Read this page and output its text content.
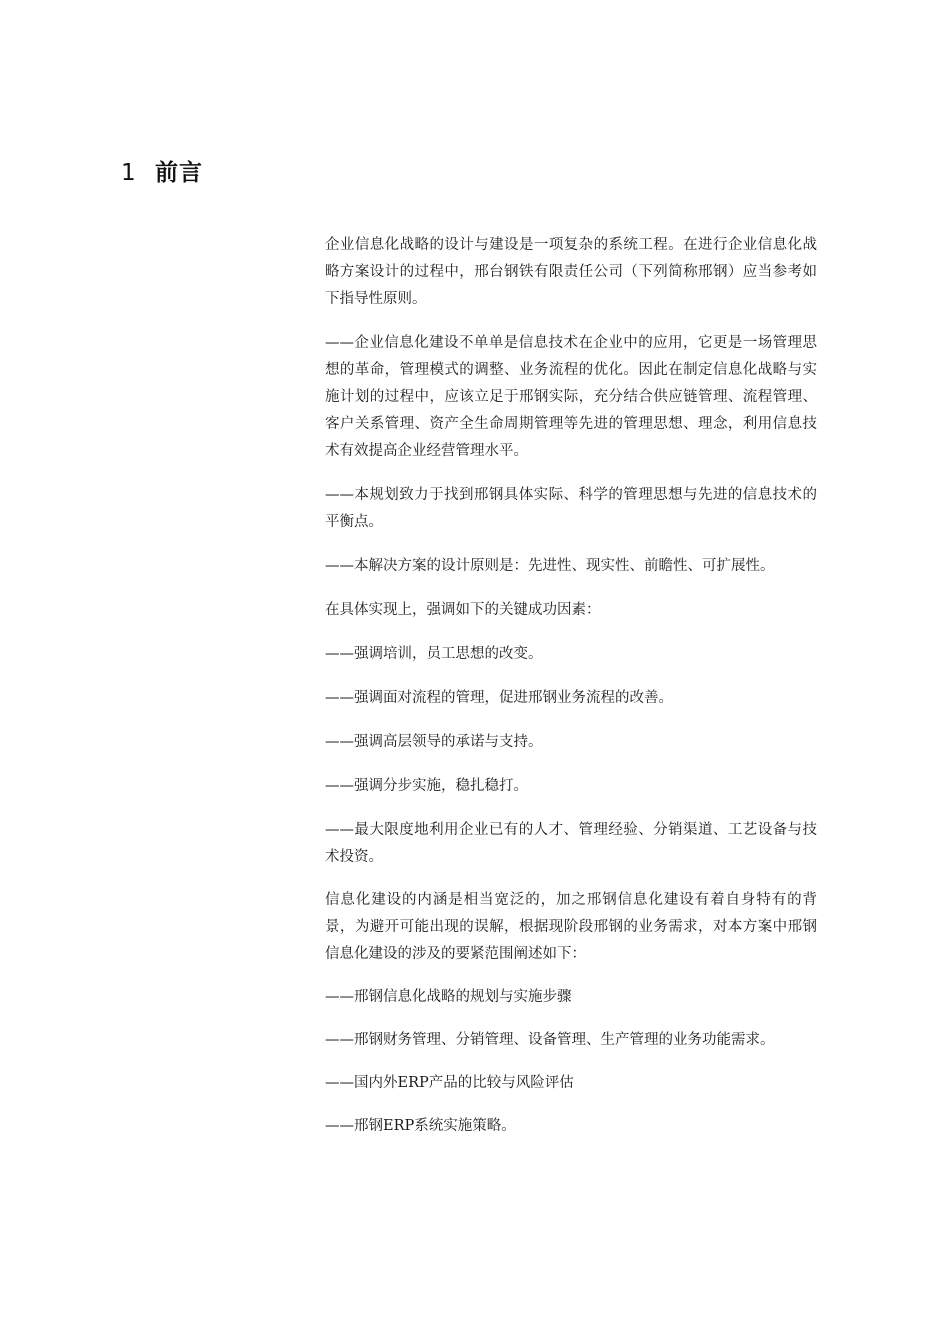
1 前言

企业信息化战略的设计与建设是一项复杂的系统工程。在进行企业信息化战略方案设计的过程中，邢台钢铁有限责任公司（下列简称邢钢）应当参考如下指导性原则。

——企业信息化建设不单单是信息技术在企业中的应用，它更是一场管理思想的革命，管理模式的调整、业务流程的优化。因此在制定信息化战略与实施计划的过程中，应该立足于邢钢实际，充分结合供应链管理、流程管理、客户关系管理、资产全生命周期管理等先进的管理思想、理念，利用信息技术有效提高企业经营管理水平。

——本规划致力于找到邢钢具体实际、科学的管理思想与先进的信息技术的平衡点。

——本解决方案的设计原则是：先进性、现实性、前瞻性、可扩展性。

在具体实现上，强调如下的关键成功因素：

——强调培训，员工思想的改变。

——强调面对流程的管理，促进邢钢业务流程的改善。

——强调高层领导的承诺与支持。

——强调分步实施，稳扎稳打。

——最大限度地利用企业已有的人才、管理经验、分销渠道、工艺设备与技术投资。

信息化建设的内涵是相当宽泛的，加之邢钢信息化建设有着自身特有的背景，为避开可能出现的误解，根据现阶段邢钢的业务需求，对本方案中邢钢信息化建设的涉及的要紧范围阐述如下：

——邢钢信息化战略的规划与实施步骤

——邢钢财务管理、分销管理、设备管理、生产管理的业务功能需求。

——国内外ERP产品的比较与风险评估

——邢钢ERP系统实施策略。
